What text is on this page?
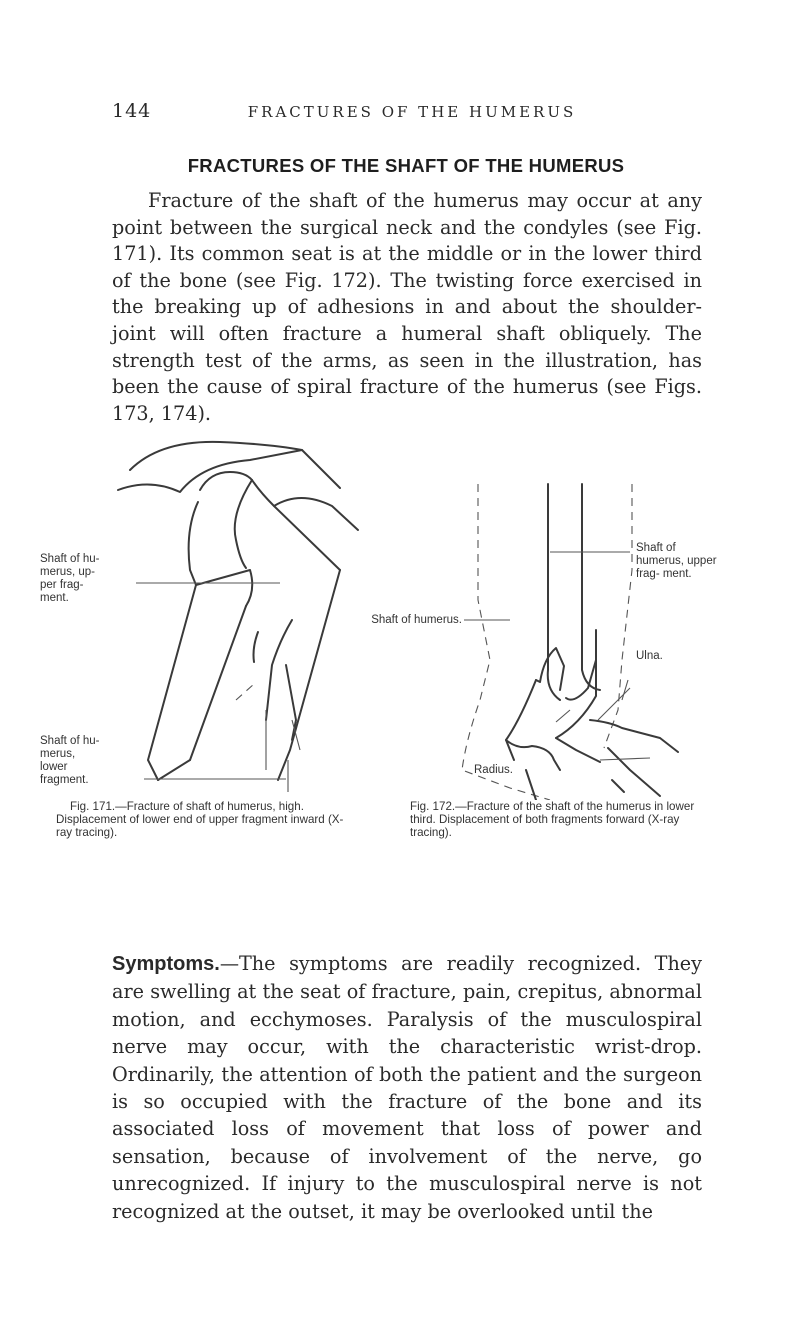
144	FRACTURES OF THE HUMERUS
FRACTURES OF THE SHAFT OF THE HUMERUS

Fracture of the shaft of the humerus may occur at any point between the surgical neck and the condyles (see Fig. 171). Its common seat is at the middle or in the lower third of the bone (see Fig. 172). The twisting force exercised in the breaking up of adhesions in and about the shoulder-joint will often fracture a humeral shaft obliquely. The strength test of the arms, as seen in the illustration, has been the cause of spiral fracture of the humerus (see Figs. 173, 174).

Shaft of hu- merus, up- per frag- ment.
Shaft of hu- merus, lower fragment.
Shaft of humerus, upper frag- ment.
Shaft of humerus.
Ulna.
Radius.

Fig. 171.—Fracture of shaft of humerus, high. Displacement of lower end of upper fragment inward (X-ray tracing).

Fig. 172.—Fracture of the shaft of the humerus in lower third. Displacement of both fragments forward (X-ray tracing).

Symptoms.—The symptoms are readily recognized. They are swelling at the seat of fracture, pain, crepitus, abnormal motion, and ecchymoses. Paralysis of the musculospiral nerve may occur, with the characteristic wrist-drop. Ordinarily, the attention of both the patient and the surgeon is so occupied with the fracture of the bone and its associated loss of movement that loss of power and sensation, because of involvement of the nerve, go unrecognized. If injury to the musculospiral nerve is not recognized at the outset, it may be overlooked until the
